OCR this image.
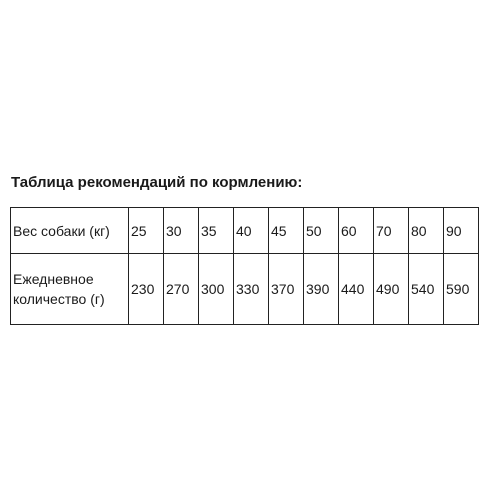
Таблица рекомендаций по кормлению:
Вес собаки (кг)	25	30	35	40	45	50	60	70	80	90
Ежедневное количество (г)	230	270	300	330	370	390	440	490	540	590
